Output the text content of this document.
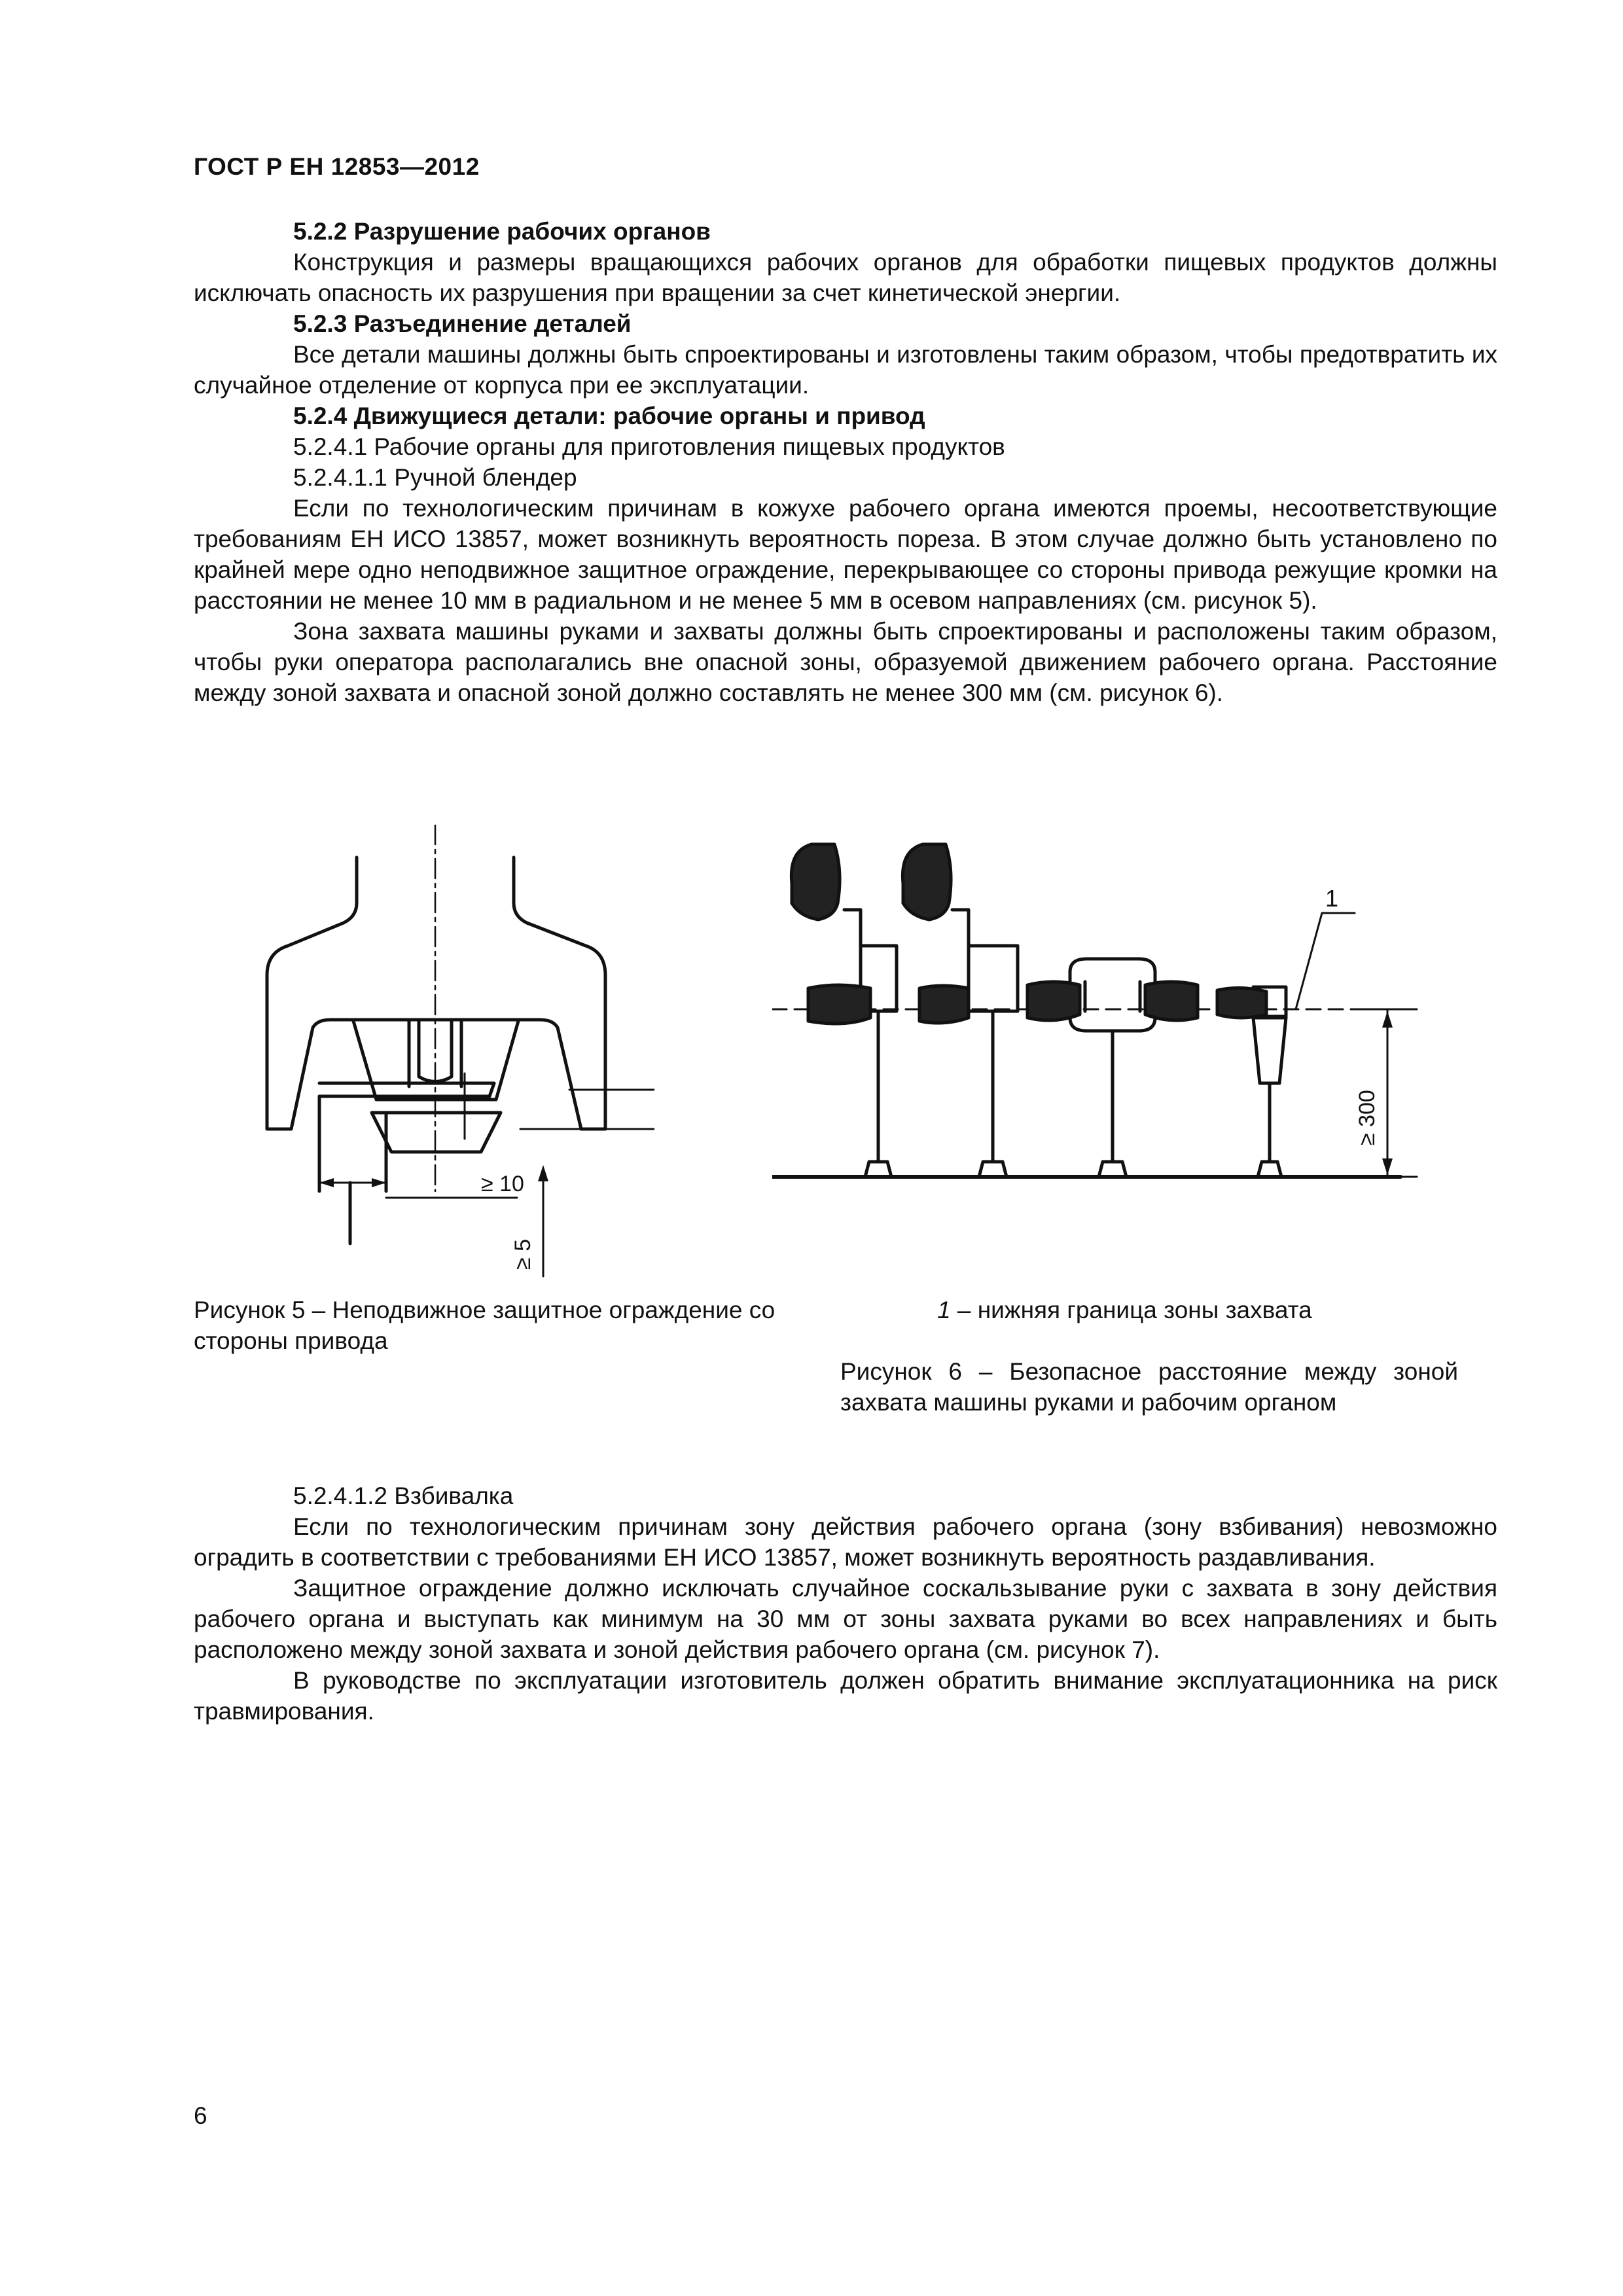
ГОСТ Р ЕН 12853—2012

5.2.2 Разрушение рабочих органов

Конструкция и размеры вращающихся рабочих органов для обработки пищевых продуктов должны исключать опасность их разрушения при вращении за счет кинетической энергии.

5.2.3 Разъединение деталей

Все детали машины должны быть спроектированы и изготовлены таким образом, чтобы предотвратить их случайное отделение от корпуса при ее эксплуатации.

5.2.4 Движущиеся детали: рабочие органы и привод

5.2.4.1 Рабочие органы для приготовления пищевых продуктов

5.2.4.1.1 Ручной блендер

Если по технологическим причинам в кожухе рабочего органа имеются проемы, несоответствующие требованиям ЕН ИСО 13857, может возникнуть вероятность пореза. В этом случае должно быть установлено по крайней мере одно неподвижное защитное ограждение, перекрывающее со стороны привода режущие кромки на расстоянии не менее 10 мм в радиальном и не менее 5 мм в осевом направлениях (см. рисунок 5).

Зона захвата машины руками и захваты должны быть спроектированы и расположены таким образом, чтобы руки оператора располагались вне опасной зоны, образуемой движением рабочего органа. Расстояние между зоной захвата и опасной зоной должно составлять не менее 300 мм (см. рисунок 6).

≥ 10
≥ 5
1
≥ 300
Рисунок 5 – Неподвижное защитное ограждение со стороны привода
1 – нижняя граница зоны захвата
Рисунок 6 – Безопасное расстояние между зоной захвата машины руками и рабочим органом

5.2.4.1.2 Взбивалка

Если по технологическим причинам зону действия рабочего органа (зону взбивания) невозможно оградить в соответствии с требованиями ЕН ИСО 13857, может возникнуть вероятность раздавливания.

Защитное ограждение должно исключать случайное соскальзывание руки с захвата в зону действия рабочего органа и выступать как минимум на 30 мм от зоны захвата руками во всех направлениях и быть расположено между зоной захвата и зоной действия рабочего органа (см. рисунок 7).

В руководстве по эксплуатации изготовитель должен обратить внимание эксплуатационника на риск травмирования.

6
